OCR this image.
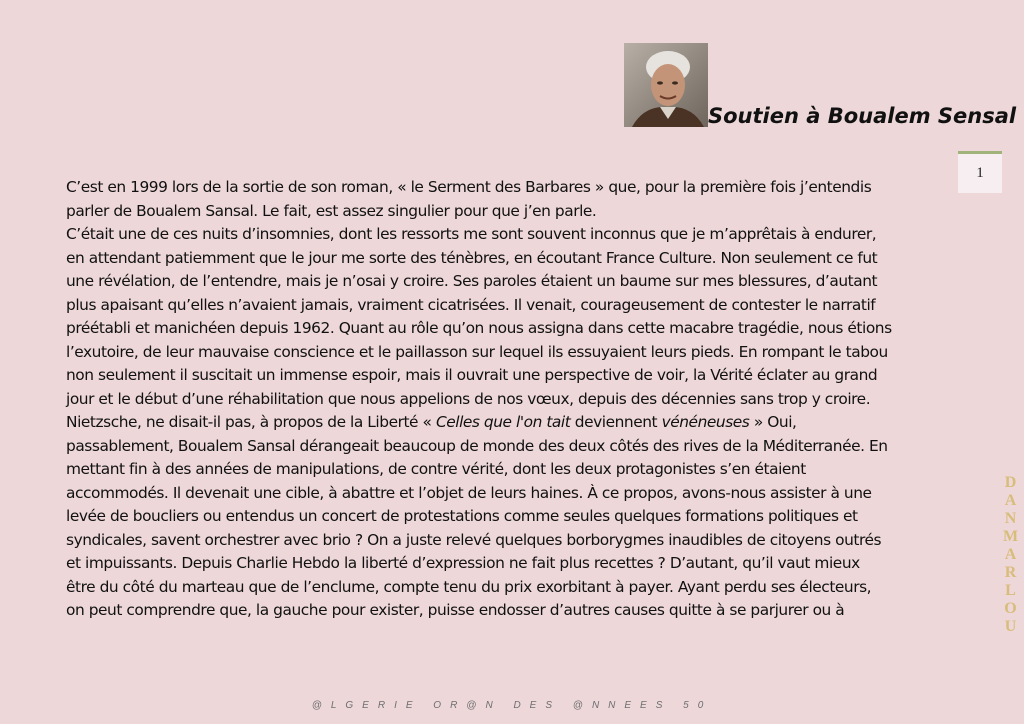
Soutien à Boualem Sensal
1
C’est en 1999 lors de la sortie de son roman, « le Serment des Barbares » que, pour la première fois j’entendis
parler de Boualem Sansal. Le fait, est assez singulier pour que j’en parle.
C’était une de ces nuits d’insomnies, dont les ressorts me sont souvent inconnus que je m’apprêtais à endurer,
en attendant patiemment que le jour me sorte des ténèbres, en écoutant France Culture. Non seulement ce fut
une révélation, de l’entendre, mais je n’osai y croire. Ses paroles étaient un baume sur mes blessures, d’autant
plus apaisant qu’elles n’avaient jamais, vraiment cicatrisées. Il venait, courageusement de contester le narratif
préétabli et manichéen depuis 1962. Quant au rôle qu’on nous assigna dans cette macabre tragédie, nous étions
l’exutoire, de leur mauvaise conscience et le paillasson sur lequel ils essuyaient leurs pieds. En rompant le tabou
non seulement il suscitait un immense espoir, mais il ouvrait une perspective de voir, la Vérité éclater au grand
jour et le début d’une réhabilitation que nous appelions de nos vœux, depuis des décennies sans trop y croire.
Nietzsche, ne disait-il pas, à propos de la Liberté « Celles que l'on tait deviennent vénéneuses » Oui,
passablement, Boualem Sansal dérangeait beaucoup de monde des deux côtés des rives de la Méditerranée. En
mettant fin à des années de manipulations, de contre vérité, dont les deux protagonistes s’en étaient
accommodés. Il devenait une cible, à abattre et l’objet de leurs haines. À ce propos, avons-nous assister à une
levée de boucliers ou entendus un concert de protestations comme seules quelques formations politiques et
syndicales, savent orchestrer avec brio ? On a juste relevé quelques borborygmes inaudibles de citoyens outrés
et impuissants. Depuis Charlie Hebdo la liberté d’expression ne fait plus recettes ? D’autant, qu’il vaut mieux
être du côté du marteau que de l’enclume, compte tenu du prix exorbitant à payer. Ayant perdu ses électeurs,
on peut comprendre que, la gauche pour exister, puisse endosser d’autres causes quitte à se parjurer ou à	DANMARLOU
@LGERIE OR@N DES @NNEES 50
